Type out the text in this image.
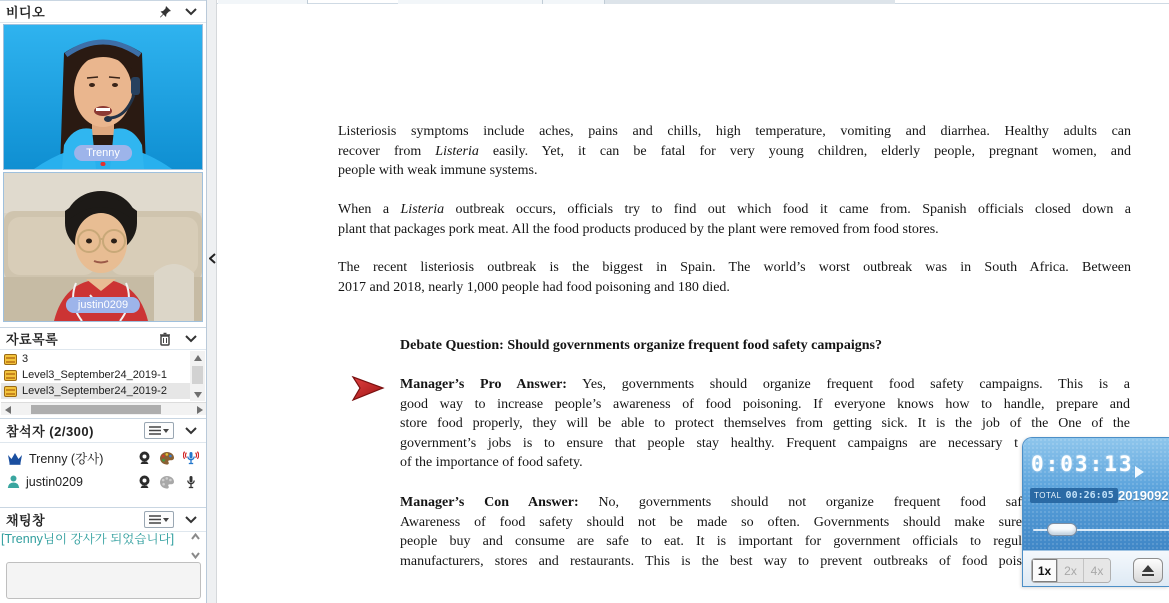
비디오
Trenny
justin0209
자료목록
3
Level3_September24_2019-1
Level3_September24_2019-2
참석자 (2/300)
Trenny (강사)
justin0209
채팅창
[Trenny님이 강사가 되었습니다]
Listeriosis symptoms include aches, pains and chills, high temperature, vomiting and diarrhea. Healthy adults can
recover from Listeria easily. Yet, it can be fatal for very young children, elderly people, pregnant women, and
people with weak immune systems.
When a Listeria outbreak occurs, officials try to find out which food it came from. Spanish officials closed down a
plant that packages pork meat. All the food products produced by the plant were removed from food stores.
The recent listeriosis outbreak is the biggest in Spain. The world’s worst outbreak was in South Africa. Between
2017 and 2018, nearly 1,000 people had food poisoning and 180 died.
Debate Question: Should governments organize frequent food safety campaigns?
Manager’s Pro Answer: Yes, governments should organize frequent food safety campaigns. This is a
good way to increase people’s awareness of food poisoning. If everyone knows how to handle, prepare and
store food properly, they will be able to protect themselves from getting sick. It is the job of the One of the
government’s jobs is to ensure that people stay healthy. Frequent campaigns are necessary t
of the importance of food safety.
Manager’s Con Answer: No, governments should not organize frequent food saf
Awareness of food safety should not be made so often. Governments should make sure
people buy and consume are safe to eat. It is important for government officials to regul
manufacturers, stores and restaurants. This is the best way to prevent outbreaks of food pois
0:03:13
TOTAL 00:26:05 2019092
1x	2x	4x
